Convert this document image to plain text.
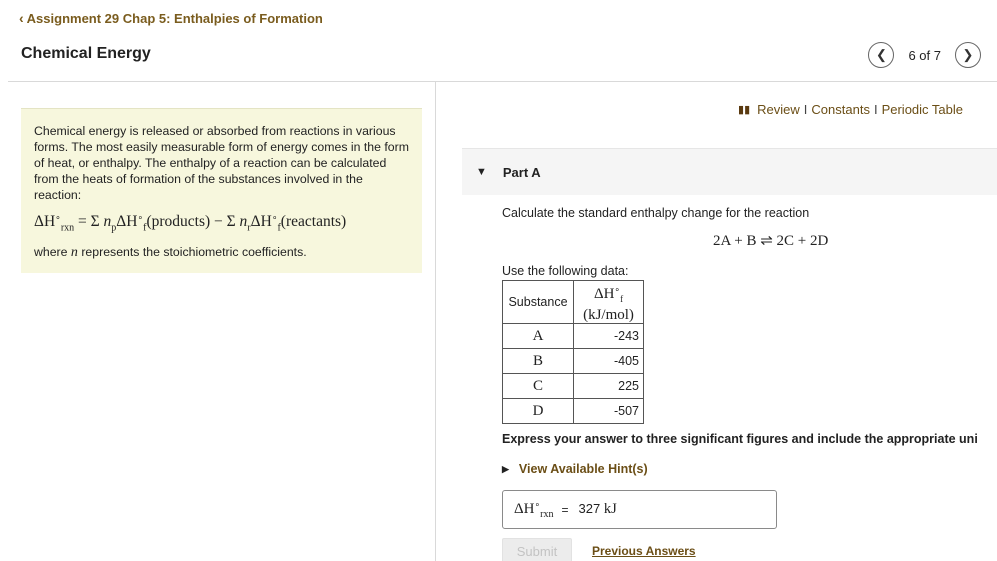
‹ Assignment 29 Chap 5: Enthalpies of Formation
Chemical Energy	❮	6 of 7	❯
Chemical energy is released or absorbed from reactions in various forms. The most easily measurable form of energy comes in the form of heat, or enthalpy. The enthalpy of a reaction can be calculated from the heats of formation of the substances involved in the reaction:
$\Delta H^\circ_{rxn} = \Sigma$ $n_p\Delta H^\circ_f(products) - \Sigma$ $n_r\Delta H^\circ_f(reactants)$
where n represents the stoichiometric coefficients.
▮▮ Review I Constants I Periodic Table
▼ Part A
Calculate the standard enthalpy change for the reaction
2A + B ⇌ 2C + 2D
Use the following data:
Substance	$\Delta H^\circ_f$
(kJ/mol)
A	-243
B	-405
C	225
D	-507
Express your answer to three significant figures and include the appropriate uni
▶ View Available Hint(s)
$\Delta H^\circ_{rxn} = 327$ kJ
Submit	Previous Answers
